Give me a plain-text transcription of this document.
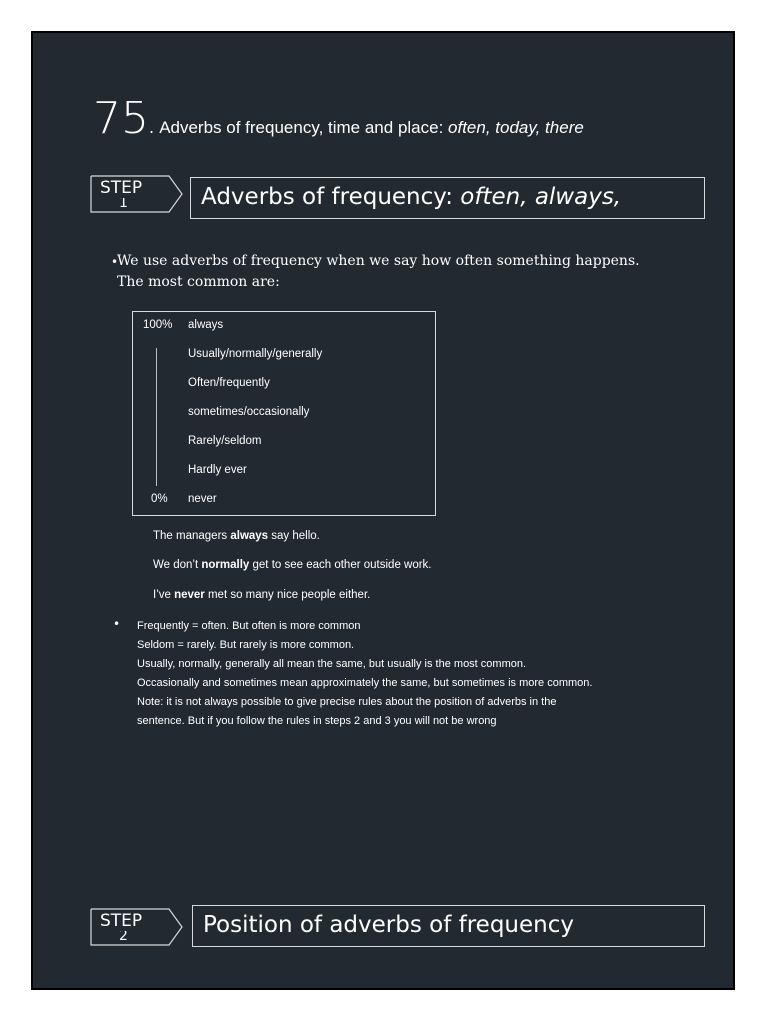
75. Adverbs of frequency, time and place: often, today, there
STEP
1	Adverbs of frequency: often, always,
•
We use adverbs of frequency when we say how often something happens.
The most common are:
100% always
Usually/normally/generally
Often/frequently
sometimes/occasionally
Rarely/seldom
Hardly ever
0% never
The managers always say hello.
We don’t normally get to see each other outside work.
I’ve never met so many nice people either.
• Frequently = often. But often is more common
Seldom = rarely. But rarely is more common.
Usually, normally, generally all mean the same, but usually is the most common.
Occasionally and sometimes mean approximately the same, but sometimes is more common.
Note: it is not always possible to give precise rules about the position of adverbs in the
sentence. But if you follow the rules in steps 2 and 3 you will not be wrong
STEP
2	Position of adverbs of frequency
